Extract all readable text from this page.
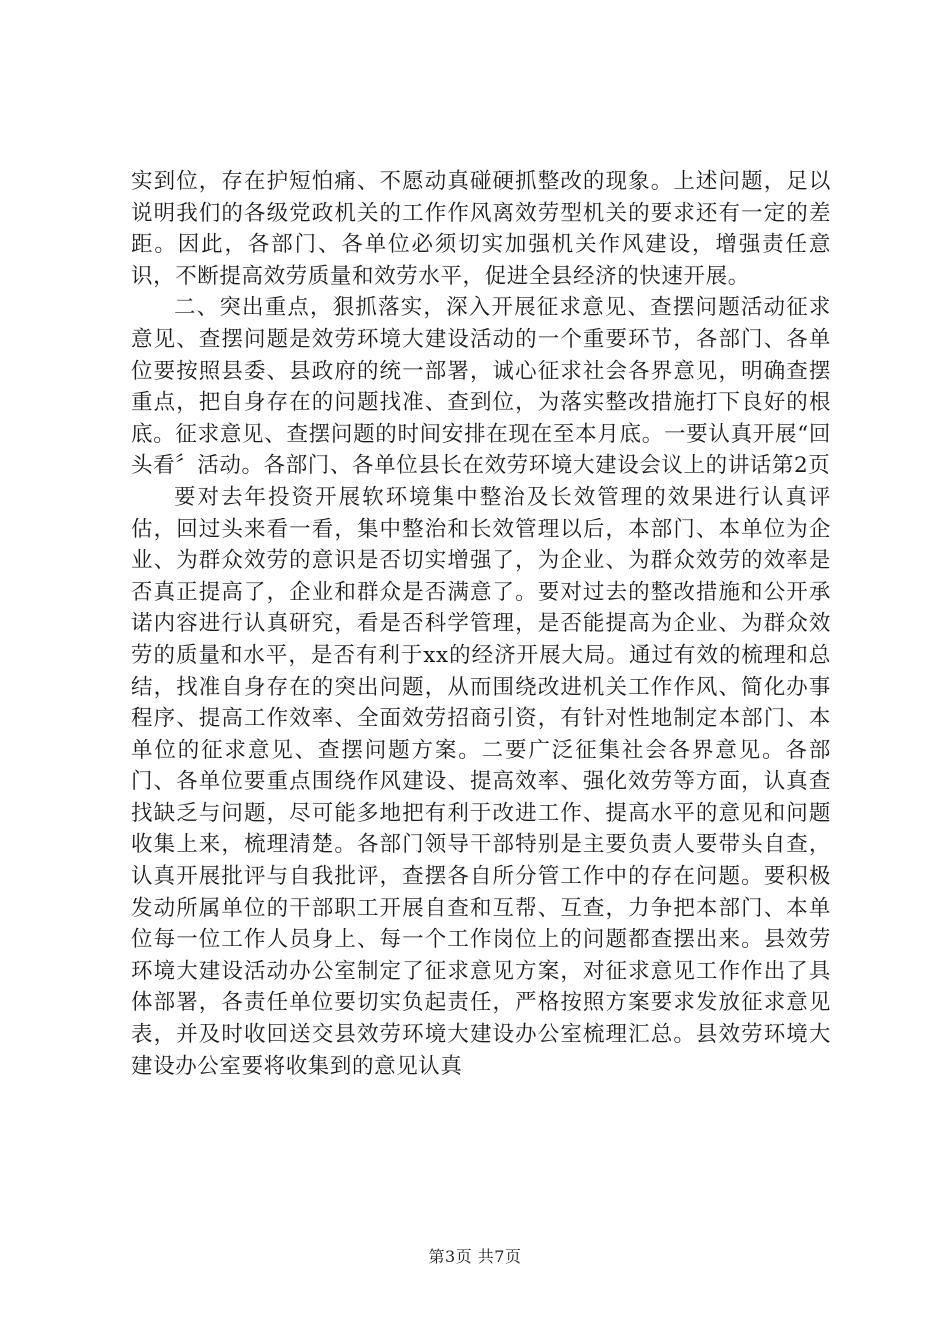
实到位，存在护短怕痛、不愿动真碰硬抓整改的现象。上述问题，足以说明我们的各级党政机关的工作作风离效劳型机关的要求还有一定的差距。因此，各部门、各单位必须切实加强机关作风建设，增强责任意识，不断提高效劳质量和效劳水平，促进全县经济的快速开展。

二、突出重点，狠抓落实，深入开展征求意见、查摆问题活动征求意见、查摆问题是效劳环境大建设活动的一个重要环节，各部门、各单位要按照县委、县政府的统一部署，诚心征求社会各界意见，明确查摆重点，把自身存在的问题找准、查到位，为落实整改措施打下良好的根底。征求意见、查摆问题的时间安排在现在至本月底。一要认真开展“回头看〞活动。各部门、各单位县长在效劳环境大建设会议上的讲话第2页

要对去年投资开展软环境集中整治及长效管理的效果进行认真评估，回过头来看一看，集中整治和长效管理以后，本部门、本单位为企业、为群众效劳的意识是否切实增强了，为企业、为群众效劳的效率是否真正提高了，企业和群众是否满意了。要对过去的整改措施和公开承诺内容进行认真研究，看是否科学管理，是否能提高为企业、为群众效劳的质量和水平，是否有利于xx的经济开展大局。通过有效的梳理和总结，找准自身存在的突出问题，从而围绕改进机关工作作风、简化办事程序、提高工作效率、全面效劳招商引资，有针对性地制定本部门、本单位的征求意见、查摆问题方案。二要广泛征集社会各界意见。各部门、各单位要重点围绕作风建设、提高效率、强化效劳等方面，认真查找缺乏与问题，尽可能多地把有利于改进工作、提高水平的意见和问题收集上来，梳理清楚。各部门领导干部特别是主要负责人要带头自查，认真开展批评与自我批评，查摆各自所分管工作中的存在问题。要积极发动所属单位的干部职工开展自查和互帮、互查，力争把本部门、本单位每一位工作人员身上、每一个工作岗位上的问题都查摆出来。县效劳环境大建设活动办公室制定了征求意见方案，对征求意见工作作出了具体部署，各责任单位要切实负起责任，严格按照方案要求发放征求意见表，并及时收回送交县效劳环境大建设办公室梳理汇总。县效劳环境大建设办公室要将收集到的意见认真

第3页 共7页
